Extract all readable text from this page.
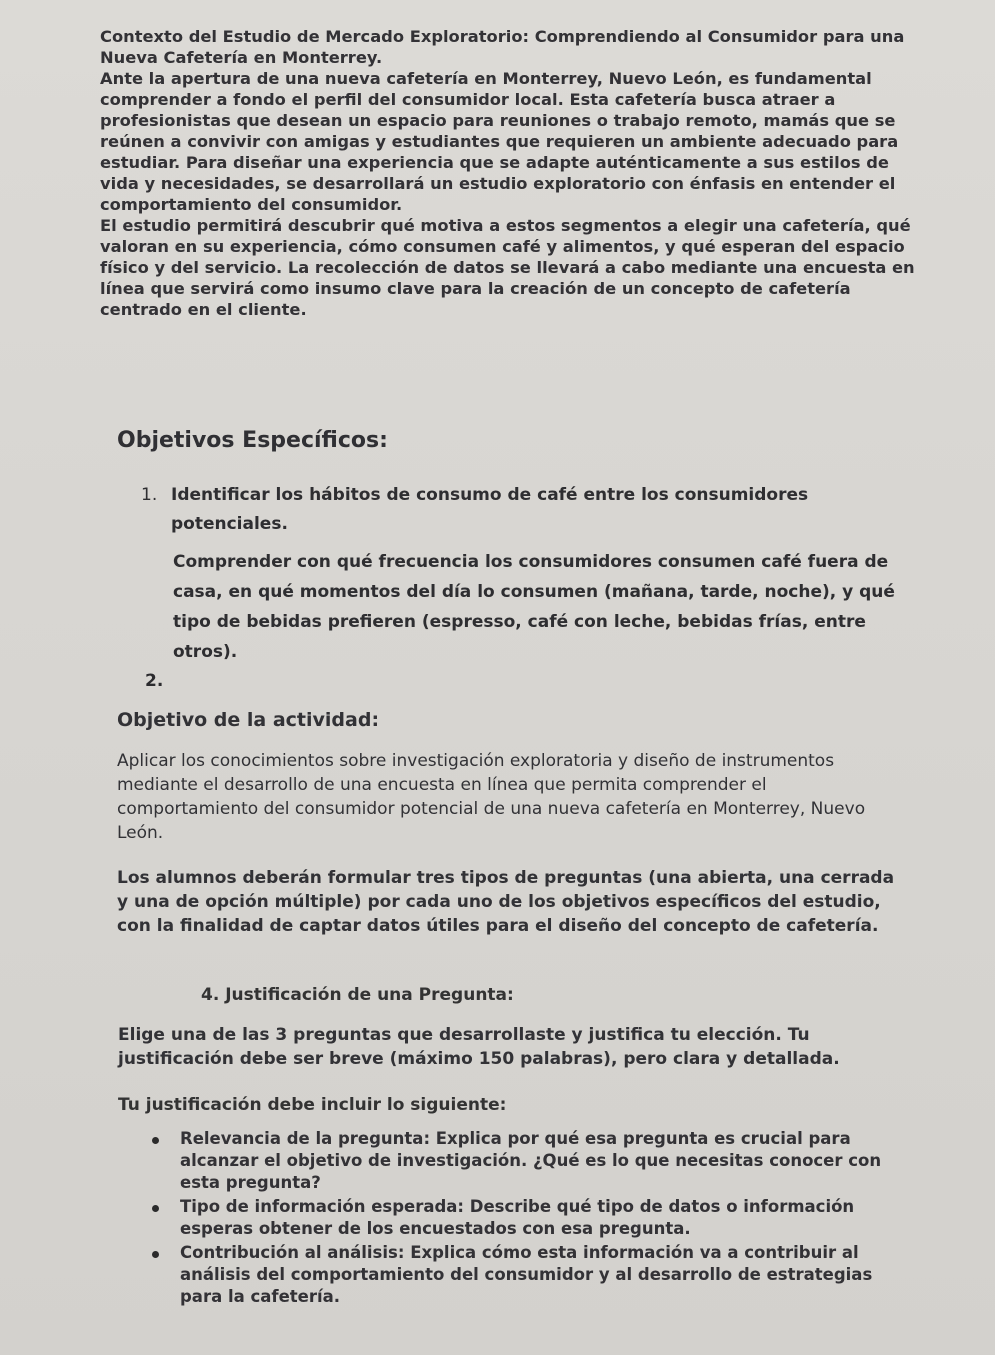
Contexto del Estudio de Mercado Exploratorio: Comprendiendo al Consumidor para una Nueva Cafetería en Monterrey.

Ante la apertura de una nueva cafetería en Monterrey, Nuevo León, es fundamental comprender a fondo el perfil del consumidor local. Esta cafetería busca atraer a profesionistas que desean un espacio para reuniones o trabajo remoto, mamás que se reúnen a convivir con amigas y estudiantes que requieren un ambiente adecuado para estudiar. Para diseñar una experiencia que se adapte auténticamente a sus estilos de vida y necesidades, se desarrollará un estudio exploratorio con énfasis en entender el comportamiento del consumidor.

El estudio permitirá descubrir qué motiva a estos segmentos a elegir una cafetería, qué valoran en su experiencia, cómo consumen café y alimentos, y qué esperan del espacio físico y del servicio. La recolección de datos se llevará a cabo mediante una encuesta en línea que servirá como insumo clave para la creación de un concepto de cafetería centrado en el cliente.

Objetivos Específicos:
1. Identificar los hábitos de consumo de café entre los consumidores potenciales.
Comprender con qué frecuencia los consumidores consumen café fuera de casa, en qué momentos del día lo consumen (mañana, tarde, noche), y qué tipo de bebidas prefieren (espresso, café con leche, bebidas frías, entre otros).
2.
Objetivo de la actividad:
Aplicar los conocimientos sobre investigación exploratoria y diseño de instrumentos mediante el desarrollo de una encuesta en línea que permita comprender el comportamiento del consumidor potencial de una nueva cafetería en Monterrey, Nuevo León.
Los alumnos deberán formular tres tipos de preguntas (una abierta, una cerrada y una de opción múltiple) por cada uno de los objetivos específicos del estudio, con la finalidad de captar datos útiles para el diseño del concepto de cafetería.
4. Justificación de una Pregunta:
Elige una de las 3 preguntas que desarrollaste y justifica tu elección. Tu justificación debe ser breve (máximo 150 palabras), pero clara y detallada.
Tu justificación debe incluir lo siguiente:
Relevancia de la pregunta: Explica por qué esa pregunta es crucial para alcanzar el objetivo de investigación. ¿Qué es lo que necesitas conocer con esta pregunta?
Tipo de información esperada: Describe qué tipo de datos o información esperas obtener de los encuestados con esa pregunta.
Contribución al análisis: Explica cómo esta información va a contribuir al análisis del comportamiento del consumidor y al desarrollo de estrategias para la cafetería.
